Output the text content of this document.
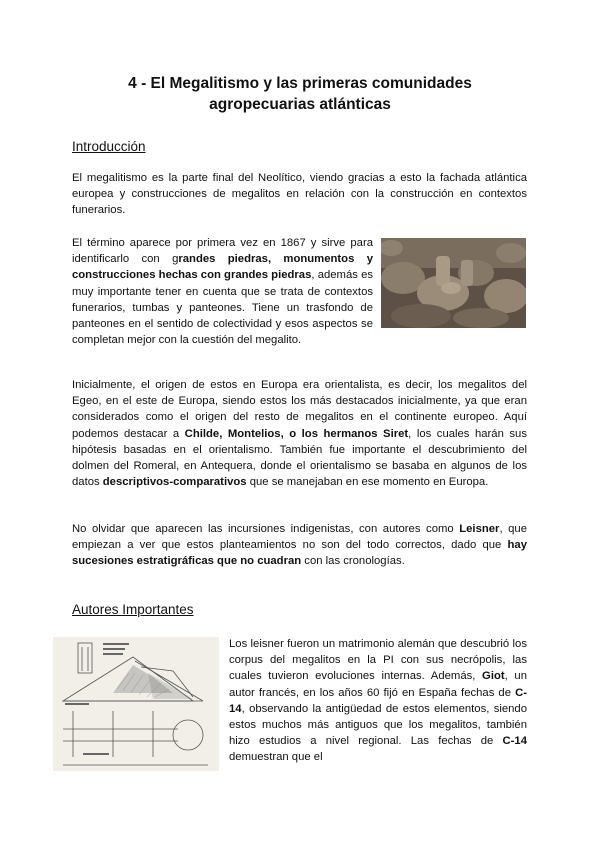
4 - El Megalitismo y las primeras comunidades
agropecuarias atlánticas
Introducción
El megalitismo es la parte final del Neolítico, viendo gracias a esto la fachada atlántica europea y construcciones de megalitos en relación con la construcción en contextos funerarios.
El término aparece por primera vez en 1867 y sirve para identificarlo con grandes piedras, monumentos y construcciones hechas con grandes piedras, además es muy importante tener en cuenta que se trata de contextos funerarios, tumbas y panteones. Tiene un trasfondo de panteones en el sentido de colectividad y esos aspectos se completan mejor con la cuestión del megalito.
Inicialmente, el origen de estos en Europa era orientalista, es decir, los megalitos del Egeo, en el este de Europa, siendo estos los más destacados inicialmente, ya que eran considerados como el origen del resto de megalitos en el continente europeo. Aquí podemos destacar a Childe, Montelios, o los hermanos Siret, los cuales harán sus hipótesis basadas en el orientalismo. También fue importante el descubrimiento del dolmen del Romeral, en Antequera, donde el orientalismo se basaba en algunos de los datos descriptivos-comparativos que se manejaban en ese momento en Europa.
No olvidar que aparecen las incursiones indigenistas, con autores como Leisner, que empiezan a ver que estos planteamientos no son del todo correctos, dado que hay sucesiones estratigráficas que no cuadran con las cronologías.
Autores Importantes
Los leisner fueron un matrimonio alemán que descubrió los corpus del megalitos en la PI con sus necrópolis, las cuales tuvieron evoluciones internas. Además, Giot, un autor francés, en los años 60 fijó en España fechas de C-14, observando la antigüedad de estos elementos, siendo estos muchos más antiguos que los megalitos, también hizo estudios a nivel regional. Las fechas de C-14 demuestran que el
